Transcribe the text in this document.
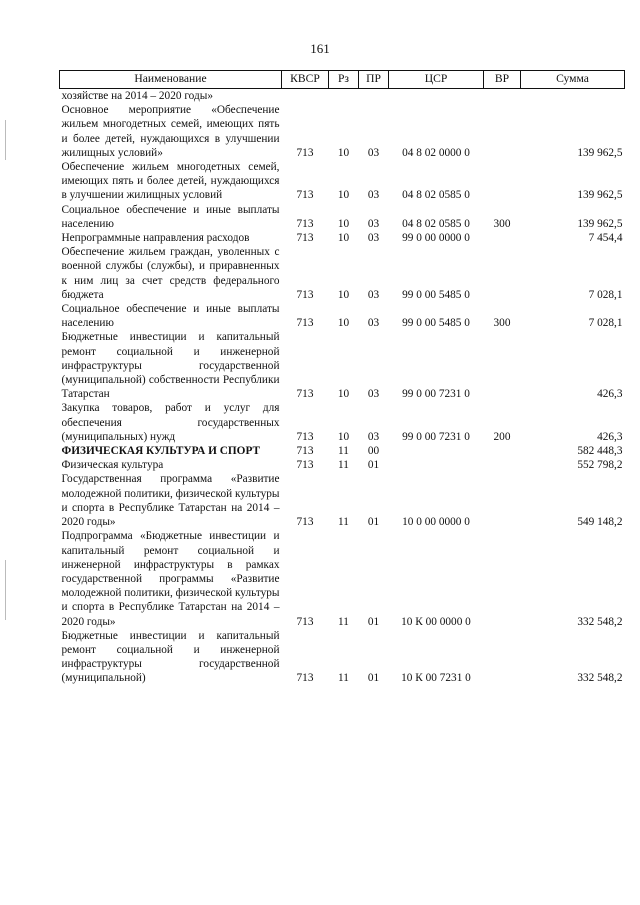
161
Наименование	КВСР	Рз	ПР	ЦСР	ВР	Сумма
хозяйстве на 2014 – 2020 годы»						
Основное мероприятие «Обеспечение жильем многодетных семей, имеющих пять и более детей, нуждающихся в улучшении жилищных условий»	713	10	03	04 8 02 0000 0		139 962,5
Обеспечение жильем многодетных семей, имеющих пять и более детей, нуждающихся в улучшении жилищных условий	713	10	03	04 8 02 0585 0		139 962,5
Социальное обеспечение и иные выплаты населению	713	10	03	04 8 02 0585 0	300	139 962,5
Непрограммные направления расходов	713	10	03	99 0 00 0000 0		7 454,4
Обеспечение жильем граждан, уволенных с военной службы (службы), и приравненных к ним лиц за счет средств федерального бюджета	713	10	03	99 0 00 5485 0		7 028,1
Социальное обеспечение и иные выплаты населению	713	10	03	99 0 00 5485 0	300	7 028,1
Бюджетные инвестиции и капитальный ремонт социальной и инженерной инфраструктуры государственной (муниципальной) собственности Республики Татарстан	713	10	03	99 0 00 7231 0		426,3
Закупка товаров, работ и услуг для обеспечения государственных (муниципальных) нужд	713	10	03	99 0 00 7231 0	200	426,3
ФИЗИЧЕСКАЯ КУЛЬТУРА И СПОРТ	713	11	00			582 448,3
Физическая культура	713	11	01			552 798,2
Государственная программа «Развитие молодежной политики, физической культуры и спорта в Республике Татарстан на 2014 – 2020 годы»	713	11	01	10 0 00 0000 0		549 148,2
Подпрограмма «Бюджетные инвестиции и капитальный ремонт социальной и инженерной инфраструктуры в рамках государственной программы «Развитие молодежной политики, физической культуры и спорта в Республике Татарстан на 2014 – 2020 годы»	713	11	01	10 К 00 0000 0		332 548,2
Бюджетные инвестиции и капитальный ремонт социальной и инженерной инфраструктуры государственной (муниципальной)	713	11	01	10 К 00 7231 0		332 548,2
